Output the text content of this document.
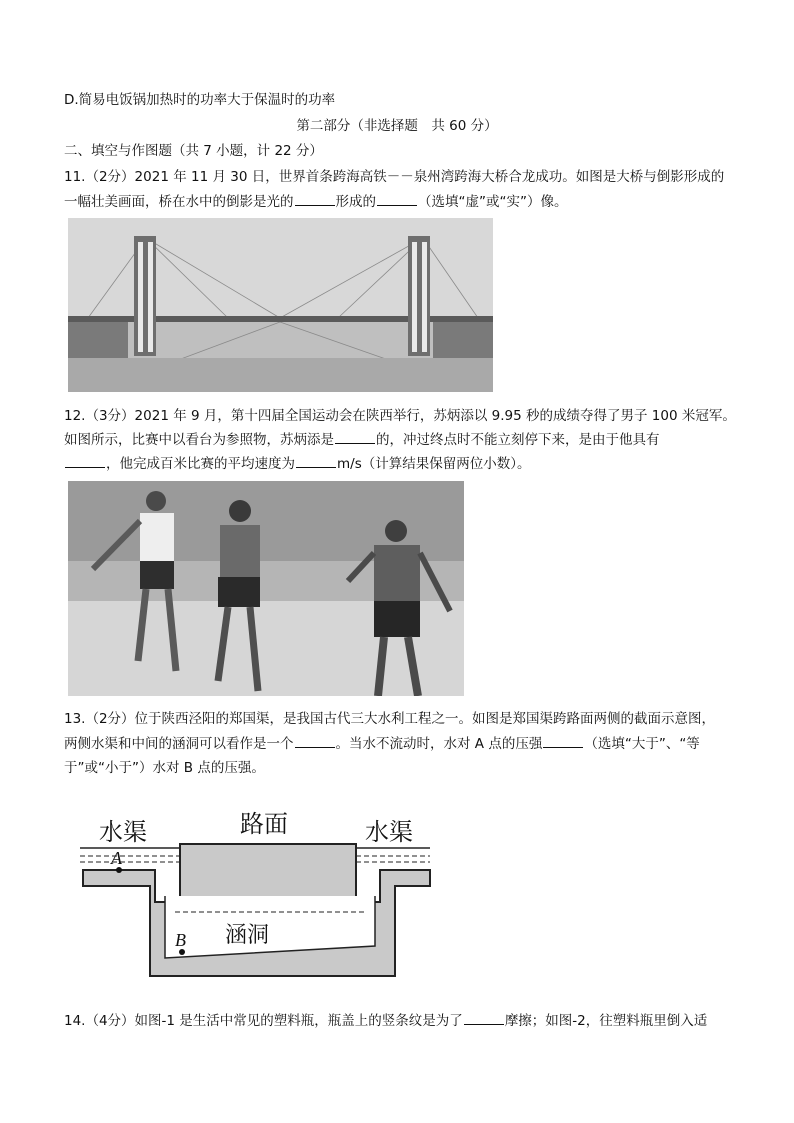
D.简易电饭锅加热时的功率大于保温时的功率
第二部分（非选择题　共 60 分）
二、填空与作图题（共 7 小题，计 22 分）
11.（2分）2021 年 11 月 30 日，世界首条跨海高铁－－泉州湾跨海大桥合龙成功。如图是大桥与倒影形成的
一幅壮美画面，桥在水中的倒影是光的	形成的	（选填“虚”或“实”）像。
12.（3分）2021 年 9 月，第十四届全国运动会在陕西举行，苏炳添以 9.95 秒的成绩夺得了男子 100 米冠军。
如图所示，比赛中以看台为参照物，苏炳添是	的，冲过终点时不能立刻停下来，是由于他具有
，他完成百米比赛的平均速度为	m/s（计算结果保留两位小数）。
13.（2分）位于陕西泾阳的郑国渠，是我国古代三大水利工程之一。如图是郑国渠跨路面两侧的截面示意图，
两侧水渠和中间的涵洞可以看作是一个	。当水不流动时，水对 A 点的压强	（选填“大于”、“等
于”或“小于”）水对 B 点的压强。
A
B
水渠	路面	水渠
涵洞
14.（4分）如图-1 是生活中常见的塑料瓶，瓶盖上的竖条纹是为了	摩擦；如图-2，往塑料瓶里倒入适
